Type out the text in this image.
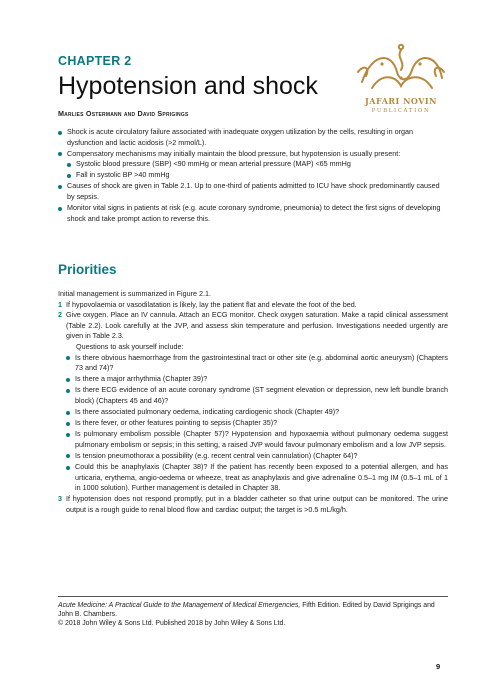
CHAPTER 2
Hypotension and shock
Marlies Ostermann and David Sprigings
JAFARI NOVIN
PUBLICATION
Shock is acute circulatory failure associated with inadequate oxygen utilization by the cells, resulting in organ dysfunction and lactic acidosis (>2 mmol/L).
Compensatory mechanisms may initially maintain the blood pressure, but hypotension is usually present:
Systolic blood pressure (SBP) <90 mmHg or mean arterial pressure (MAP) <65 mmHg
Fall in systolic BP >40 mmHg
Causes of shock are given in Table 2.1. Up to one-third of patients admitted to ICU have shock predominantly caused by sepsis.
Monitor vital signs in patients at risk (e.g. acute coronary syndrome, pneumonia) to detect the first signs of developing shock and take prompt action to reverse this.
Priorities
Initial management is summarized in Figure 2.1.
1 If hypovolaemia or vasodilatation is likely, lay the patient flat and elevate the foot of the bed.
2 Give oxygen. Place an IV cannula. Attach an ECG monitor. Check oxygen saturation. Make a rapid clinical assessment (Table 2.2). Look carefully at the JVP, and assess skin temperature and perfusion. Investigations needed urgently are given in Table 2.3.
Questions to ask yourself include:
Is there obvious haemorrhage from the gastrointestinal tract or other site (e.g. abdominal aortic aneurysm) (Chapters 73 and 74)?
Is there a major arrhythmia (Chapter 39)?
Is there ECG evidence of an acute coronary syndrome (ST segment elevation or depression, new left bundle branch block) (Chapters 45 and 46)?
Is there associated pulmonary oedema, indicating cardiogenic shock (Chapter 49)?
Is there fever, or other features pointing to sepsis (Chapter 35)?
Is pulmonary embolism possible (Chapter 57)? Hypotension and hypoxaemia without pulmonary oedema suggest pulmonary embolism or sepsis; in this setting, a raised JVP would favour pulmonary embolism and a low JVP sepsis.
Is tension pneumothorax a possibility (e.g. recent central vein cannulation) (Chapter 64)?
Could this be anaphylaxis (Chapter 38)? If the patient has recently been exposed to a potential allergen, and has urticaria, erythema, angio-oedema or wheeze, treat as anaphylaxis and give adrenaline 0.5–1 mg IM (0.5–1 mL of 1 in 1000 solution). Further management is detailed in Chapter 38.
3 If hypotension does not respond promptly, put in a bladder catheter so that urine output can be monitored. The urine output is a rough guide to renal blood flow and cardiac output; the target is >0.5 mL/kg/h.
Acute Medicine: A Practical Guide to the Management of Medical Emergencies, Fifth Edition. Edited by David Sprigings and John B. Chambers.
© 2018 John Wiley & Sons Ltd. Published 2018 by John Wiley & Sons Ltd.
9
